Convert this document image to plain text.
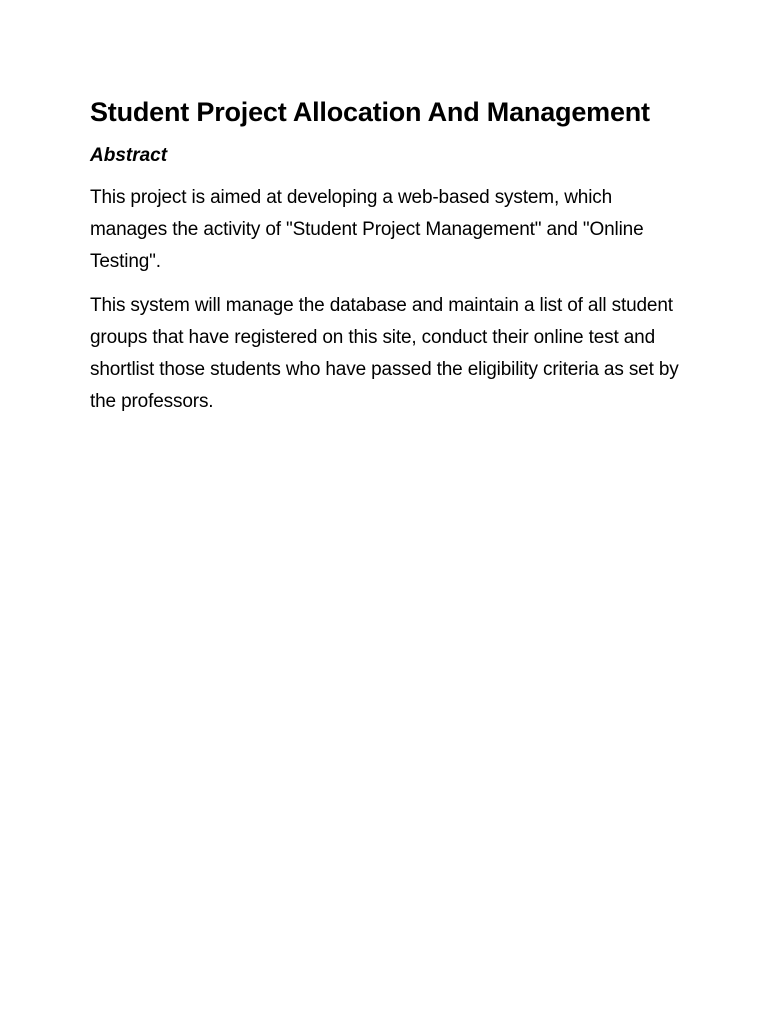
Student Project Allocation And Management
Abstract

This project is aimed at developing a web-based system, which manages the activity of "Student Project Management" and "Online Testing".

This system will manage the database and maintain a list of all student groups that have registered on this site, conduct their online test and shortlist those students who have passed the eligibility criteria as set by the professors.
